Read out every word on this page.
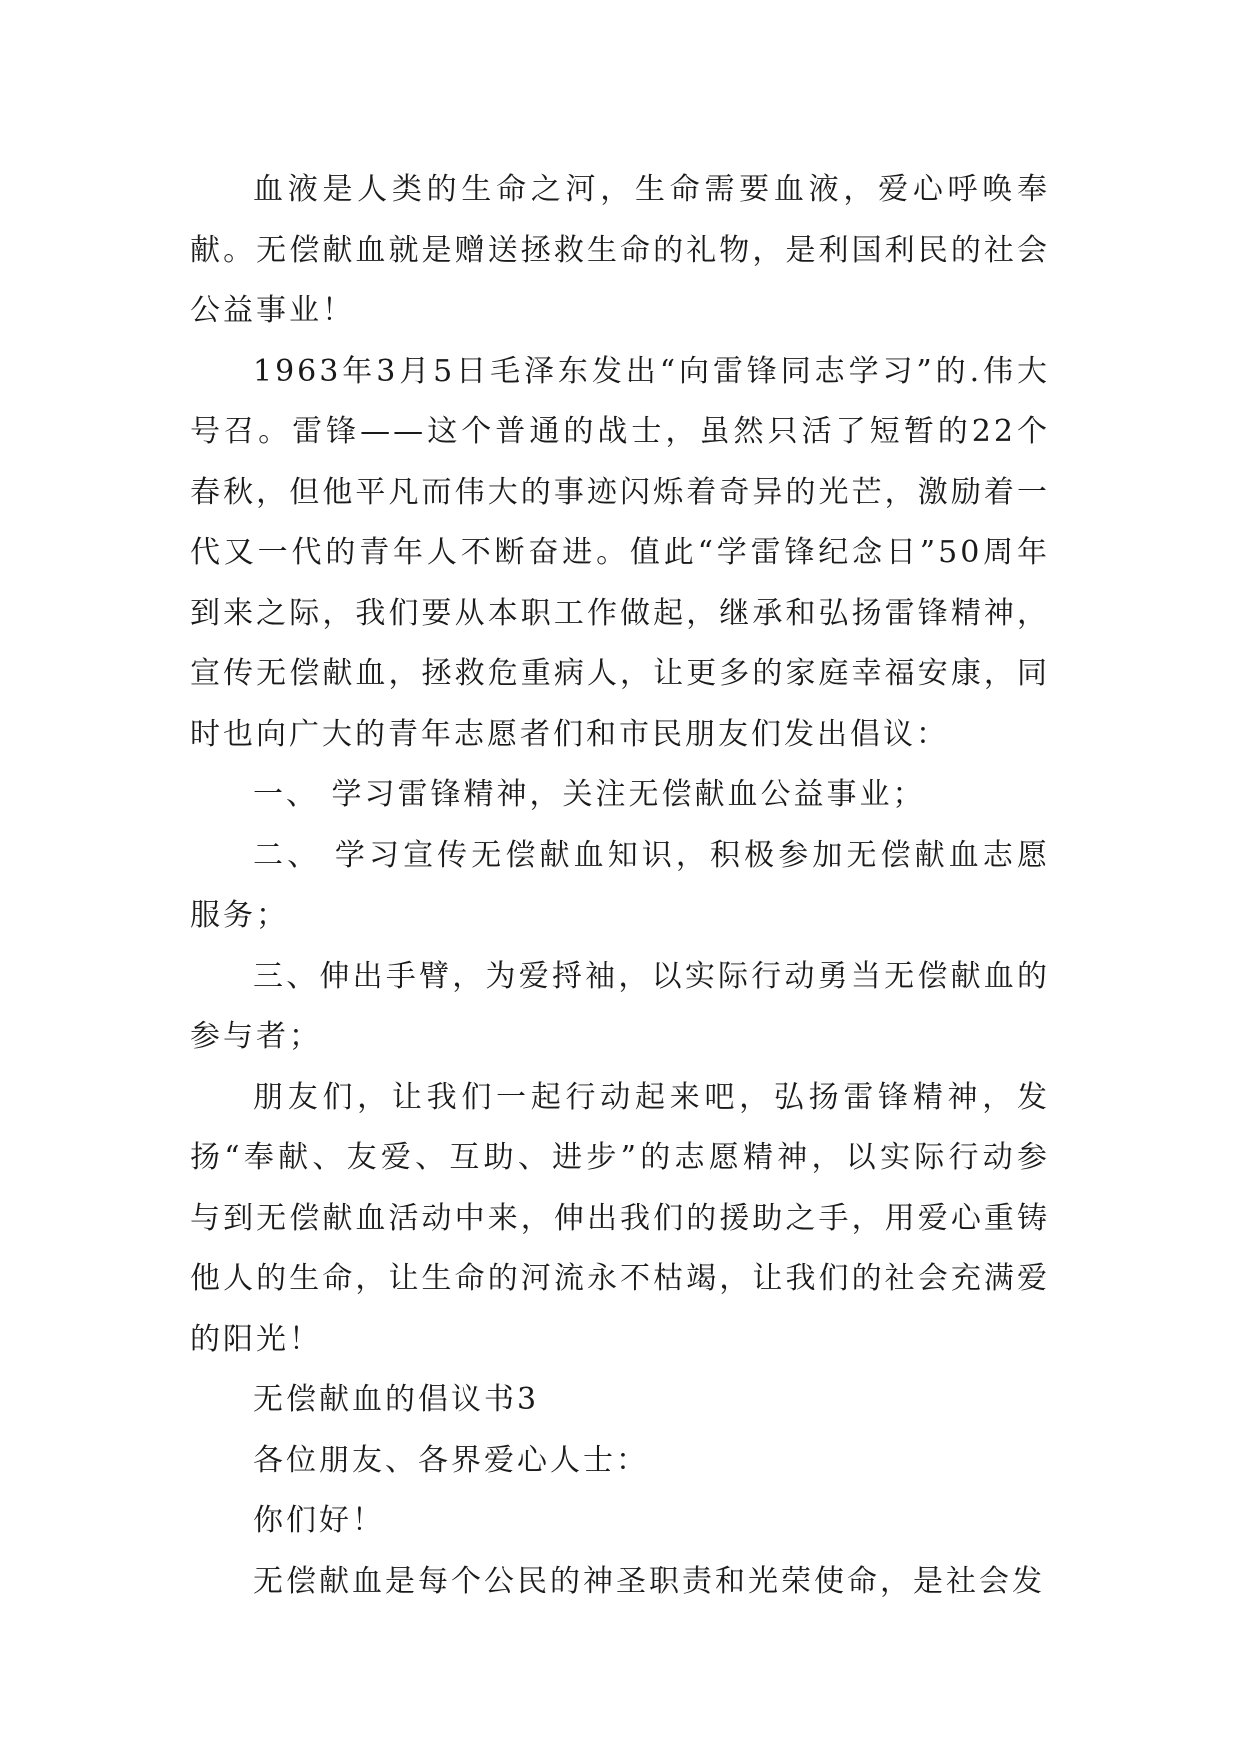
血液是人类的生命之河，生命需要血液，爱心呼唤奉献。无偿献血就是赠送拯救生命的礼物，是利国利民的社会公益事业！

1963年3月5日毛泽东发出“向雷锋同志学习”的.伟大号召。雷锋——这个普通的战士，虽然只活了短暂的22个春秋，但他平凡而伟大的事迹闪烁着奇异的光芒，激励着一代又一代的青年人不断奋进。值此“学雷锋纪念日”50周年到来之际，我们要从本职工作做起，继承和弘扬雷锋精神，宣传无偿献血，拯救危重病人，让更多的家庭幸福安康，同时也向广大的青年志愿者们和市民朋友们发出倡议：

一、 学习雷锋精神，关注无偿献血公益事业；

二、 学习宣传无偿献血知识，积极参加无偿献血志愿服务；

三、伸出手臂，为爱捋袖，以实际行动勇当无偿献血的参与者；

朋友们，让我们一起行动起来吧，弘扬雷锋精神，发扬“奉献、友爱、互助、进步”的志愿精神，以实际行动参与到无偿献血活动中来，伸出我们的援助之手，用爱心重铸他人的生命，让生命的河流永不枯竭，让我们的社会充满爱的阳光！

无偿献血的倡议书3

各位朋友、各界爱心人士：

你们好！

无偿献血是每个公民的神圣职责和光荣使命，是社会发
